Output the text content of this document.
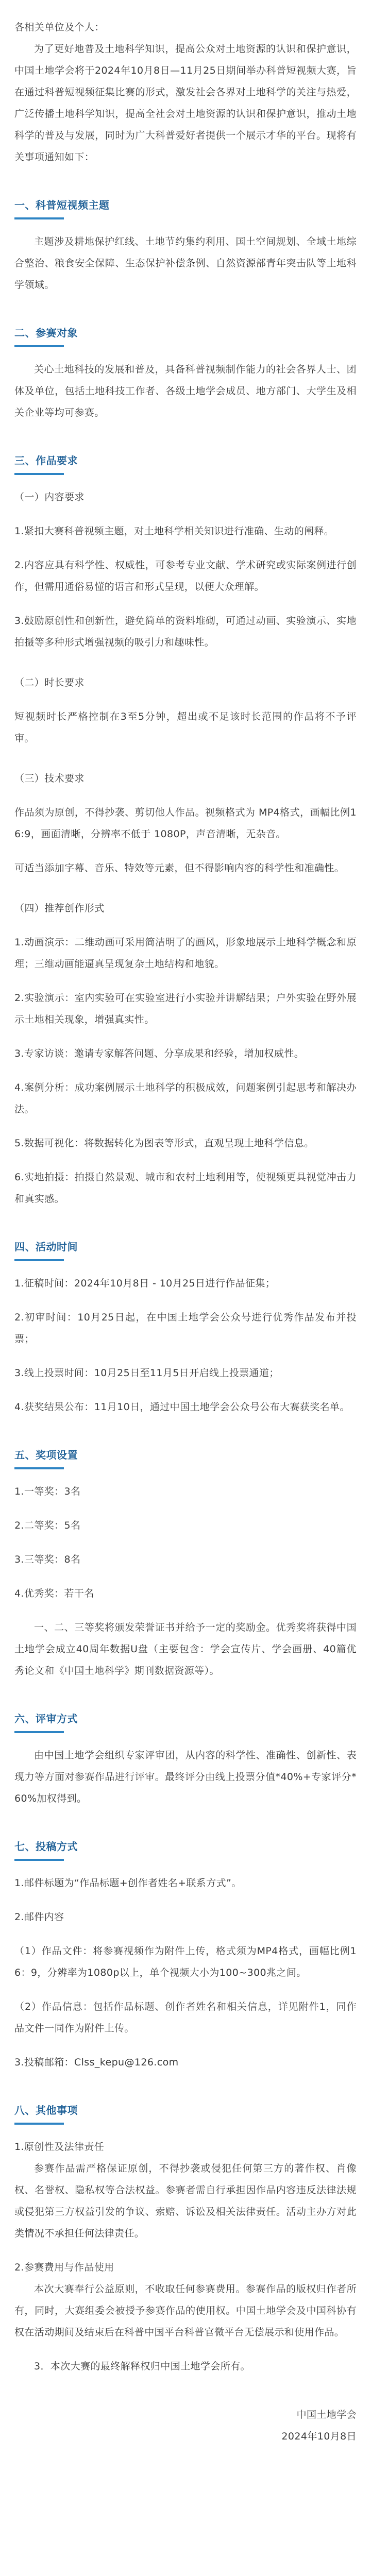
各相关单位及个人：

为了更好地普及土地科学知识，提高公众对土地资源的认识和保护意识，中国土地学会将于2024年10月8日—11月25日期间举办科普短视频大赛，旨在通过科普短视频征集比赛的形式，激发社会各界对土地科学的关注与热爱，广泛传播土地科学知识，提高全社会对土地资源的认识和保护意识，推动土地科学的普及与发展，同时为广大科普爱好者提供一个展示才华的平台。现将有关事项通知如下：

一、科普短视频主题

主题涉及耕地保护红线、土地节约集约利用、国土空间规划、全域土地综合整治、粮食安全保障、生态保护补偿条例、自然资源部青年突击队等土地科学领域。

二、参赛对象

关心土地科技的发展和普及，具备科普视频制作能力的社会各界人士、团体及单位，包括土地科技工作者、各级土地学会成员、地方部门、大学生及相关企业等均可参赛。

三、作品要求

（一）内容要求

1.紧扣大赛科普视频主题，对土地科学相关知识进行准确、生动的阐释。

2.内容应具有科学性、权威性，可参考专业文献、学术研究或实际案例进行创作，但需用通俗易懂的语言和形式呈现，以便大众理解。

3.鼓励原创性和创新性，避免简单的资料堆砌，可通过动画、实验演示、实地拍摄等多种形式增强视频的吸引力和趣味性。

（二）时长要求

短视频时长严格控制在3至5分钟，超出或不足该时长范围的作品将不予评审。

（三）技术要求

作品须为原创，不得抄袭、剪切他人作品。视频格式为 MP4格式，画幅比例16:9，画面清晰，分辨率不低于 1080P，声音清晰，无杂音。

可适当添加字幕、音乐、特效等元素，但不得影响内容的科学性和准确性。

（四）推荐创作形式

1.动画演示：二维动画可采用简洁明了的画风，形象地展示土地科学概念和原理；三维动画能逼真呈现复杂土地结构和地貌。

2.实验演示：室内实验可在实验室进行小实验并讲解结果；户外实验在野外展示土地相关现象，增强真实性。

3.专家访谈：邀请专家解答问题、分享成果和经验，增加权威性。

4.案例分析：成功案例展示土地科学的积极成效，问题案例引起思考和解决办法。

5.数据可视化：将数据转化为图表等形式，直观呈现土地科学信息。

6.实地拍摄：拍摄自然景观、城市和农村土地利用等，使视频更具视觉冲击力和真实感。

四、活动时间

1.征稿时间：2024年10月8日 - 10月25日进行作品征集；

2.初审时间：10月25日起，在中国土地学会公众号进行优秀作品发布并投票；

3.线上投票时间：10月25日至11月5日开启线上投票通道；

4.获奖结果公布：11月10日，通过中国土地学会公众号公布大赛获奖名单。

五、奖项设置

1.一等奖：3名

2.二等奖：5名

3.三等奖：8名

4.优秀奖：若干名

一、二、三等奖将颁发荣誉证书并给予一定的奖励金。优秀奖将获得中国土地学会成立40周年数据U盘（主要包含：学会宣传片、学会画册、40篇优秀论文和《中国土地科学》期刊数据资源等）。

六、评审方式

由中国土地学会组织专家评审团，从内容的科学性、准确性、创新性、表现力等方面对参赛作品进行评审。最终评分由线上投票分值*40%+专家评分*60%加权得到。

七、投稿方式

1.邮件标题为“作品标题+创作者姓名+联系方式”。

2.邮件内容

（1）作品文件：将参赛视频作为附件上传，格式须为MP4格式，画幅比例16：9，分辨率为1080p以上，单个视频大小为100~300兆之间。

（2）作品信息：包括作品标题、创作者姓名和相关信息，详见附件1，同作品文件一同作为附件上传。

3.投稿邮箱：Clss_kepu@126.com

八、其他事项

1.原创性及法律责任

参赛作品需严格保证原创，不得抄袭或侵犯任何第三方的著作权、肖像权、名誉权、隐私权等合法权益。参赛者需自行承担因作品内容违反法律法规或侵犯第三方权益引发的争议、索赔、诉讼及相关法律责任。活动主办方对此类情况不承担任何法律责任。

2.参赛费用与作品使用

本次大赛奉行公益原则，不收取任何参赛费用。参赛作品的版权归作者所有，同时，大赛组委会被授予参赛作品的使用权。中国土地学会及中国科协有权在活动期间及结束后在科普中国平台科普官微平台无偿展示和使用作品。

3．本次大赛的最终解释权归中国土地学会所有。

中国土地学会

2024年10月8日
